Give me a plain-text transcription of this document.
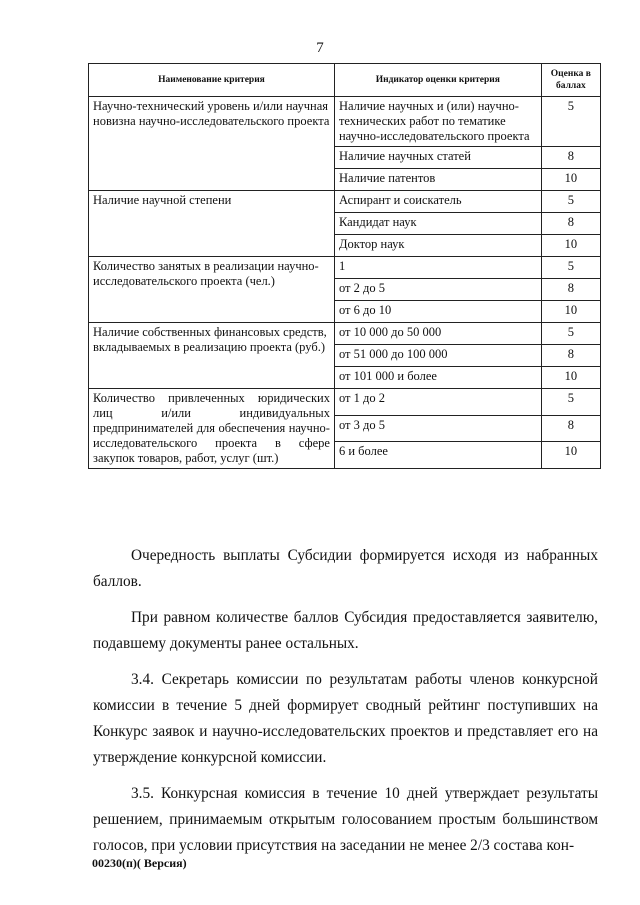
7
Наименование критерия	Индикатор оценки критерия	Оценка в баллах
Научно-технический уровень и/или научная новизна научно-исследовательского проекта	Наличие научных и (или) научно-технических работ по тематике научно-исследовательского проекта	5
	Наличие научных статей	8
	Наличие патентов	10
Наличие научной степени	Аспирант и соискатель	5
	Кандидат наук	8
	Доктор наук	10
Количество занятых в реализации научно-исследовательского проекта (чел.)	1	5
	от 2 до 5	8
	от 6 до 10	10
Наличие собственных финансовых средств, вкладываемых в реализацию проекта (руб.)	от 10 000 до 50 000	5
	от 51 000 до 100 000	8
	от 101 000 и более	10
Количество привлеченных юридических лиц и/или индивидуальных предпринимателей для обеспечения научно-исследовательского проекта в сфере закупок товаров, работ, услуг (шт.)	от 1 до 2	5
	от 3 до 5	8
	6 и более	10

Очередность выплаты Субсидии формируется исходя из набранных баллов.

При равном количестве баллов Субсидия предоставляется заявителю, подавшему документы ранее остальных.

3.4. Секретарь комиссии по результатам работы членов конкурсной комиссии в течение 5 дней формирует сводный рейтинг поступивших на Конкурс заявок и научно-исследовательских проектов и представляет его на утверждение конкурсной комиссии.

3.5. Конкурсная комиссия в течение 10 дней утверждает результаты решением, принимаемым открытым голосованием простым большинством голосов, при условии присутствия на заседании не менее 2/3 состава кон-

00230(п)( Версия)
